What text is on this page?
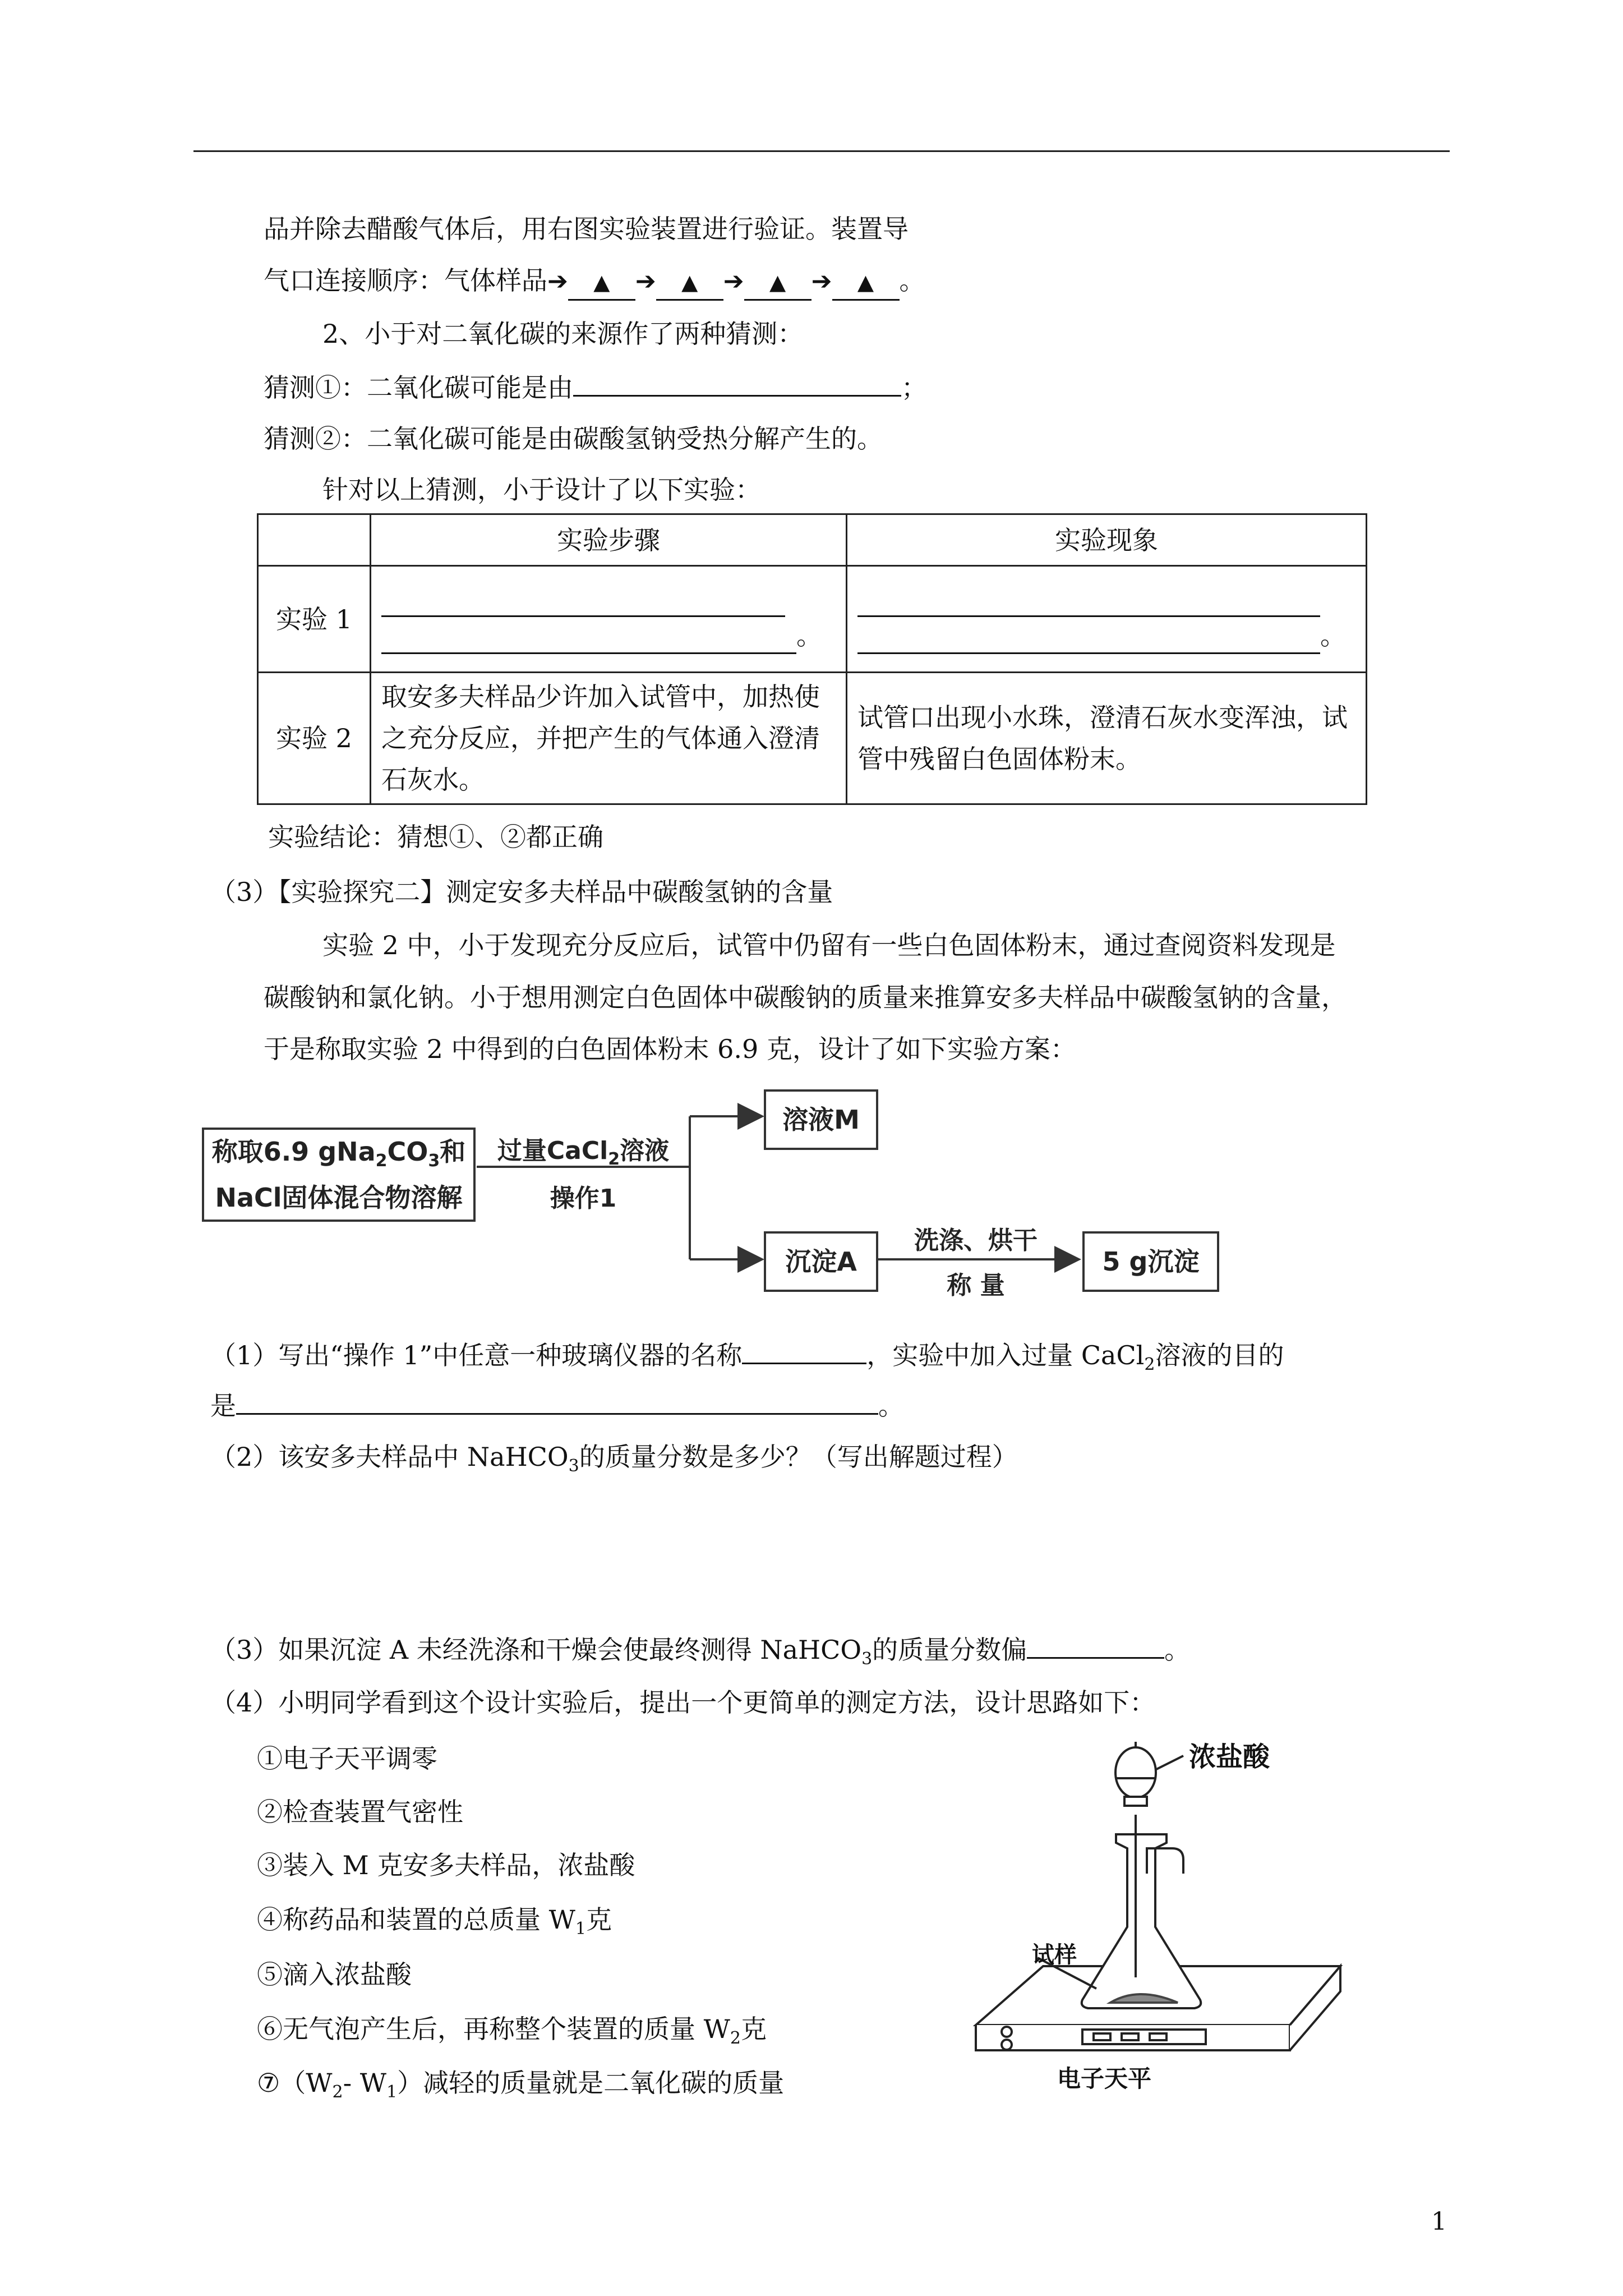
品并除去醋酸气体后，用右图实验装置进行验证。装置导
气口连接顺序：气体样品➔ ▲ ➔ ▲ ➔ ▲ ➔ ▲ 。
2、小于对二氧化碳的来源作了两种猜测：
猜测①：二氧化碳可能是由	；
猜测②：二氧化碳可能是由碳酸氢钠受热分解产生的。
针对以上猜测，小于设计了以下实验：
	实验步骤	实验现象
实验 1	。	。

实验 2	取安多夫样品少许加入试管中，加热使之充分反应，并把产生的气体通入澄清石灰水。	试管口出现小水珠，澄清石灰水变浑浊，试管中残留白色固体粉末。
实验结论：猜想①、②都正确
（3）【实验探究二】测定安多夫样品中碳酸氢钠的含量
实验 2 中，小于发现充分反应后，试管中仍留有一些白色固体粉末，通过查阅资料发现是
碳酸钠和氯化钠。小于想用测定白色固体中碳酸钠的质量来推算安多夫样品中碳酸氢钠的含量，
于是称取实验 2 中得到的白色固体粉末 6.9 克，设计了如下实验方案：
称取6.9 $gNa_2CO_3$和
NaCl固体混合物溶解
过量CaCl$_2$溶液
操作1
溶液M
沉淀A
洗涤、烘干
称 量
5 g沉淀
（1）写出“操作 1”中任意一种玻璃仪器的名称	，实验中加入过量 CaCl$_2$溶液的目的
是	。
（2）该安多夫样品中 NaHCO$_3$的质量分数是多少？（写出解题过程）
（3）如果沉淀 A 未经洗涤和干燥会使最终测得 NaHCO$_3$的质量分数偏	。
（4）小明同学看到这个设计实验后，提出一个更简单的测定方法，设计思路如下：
①电子天平调零
②检查装置气密性
③装入 M 克安多夫样品，浓盐酸
④称药品和装置的总质量 $W_1$克
⑤滴入浓盐酸
⑥无气泡产生后，再称整个装置的质量 $W_2$克
$⑦(W_2-$ $W_1$）减轻的质量就是二氧化碳的质量
浓盐酸
试样
电子天平
1
